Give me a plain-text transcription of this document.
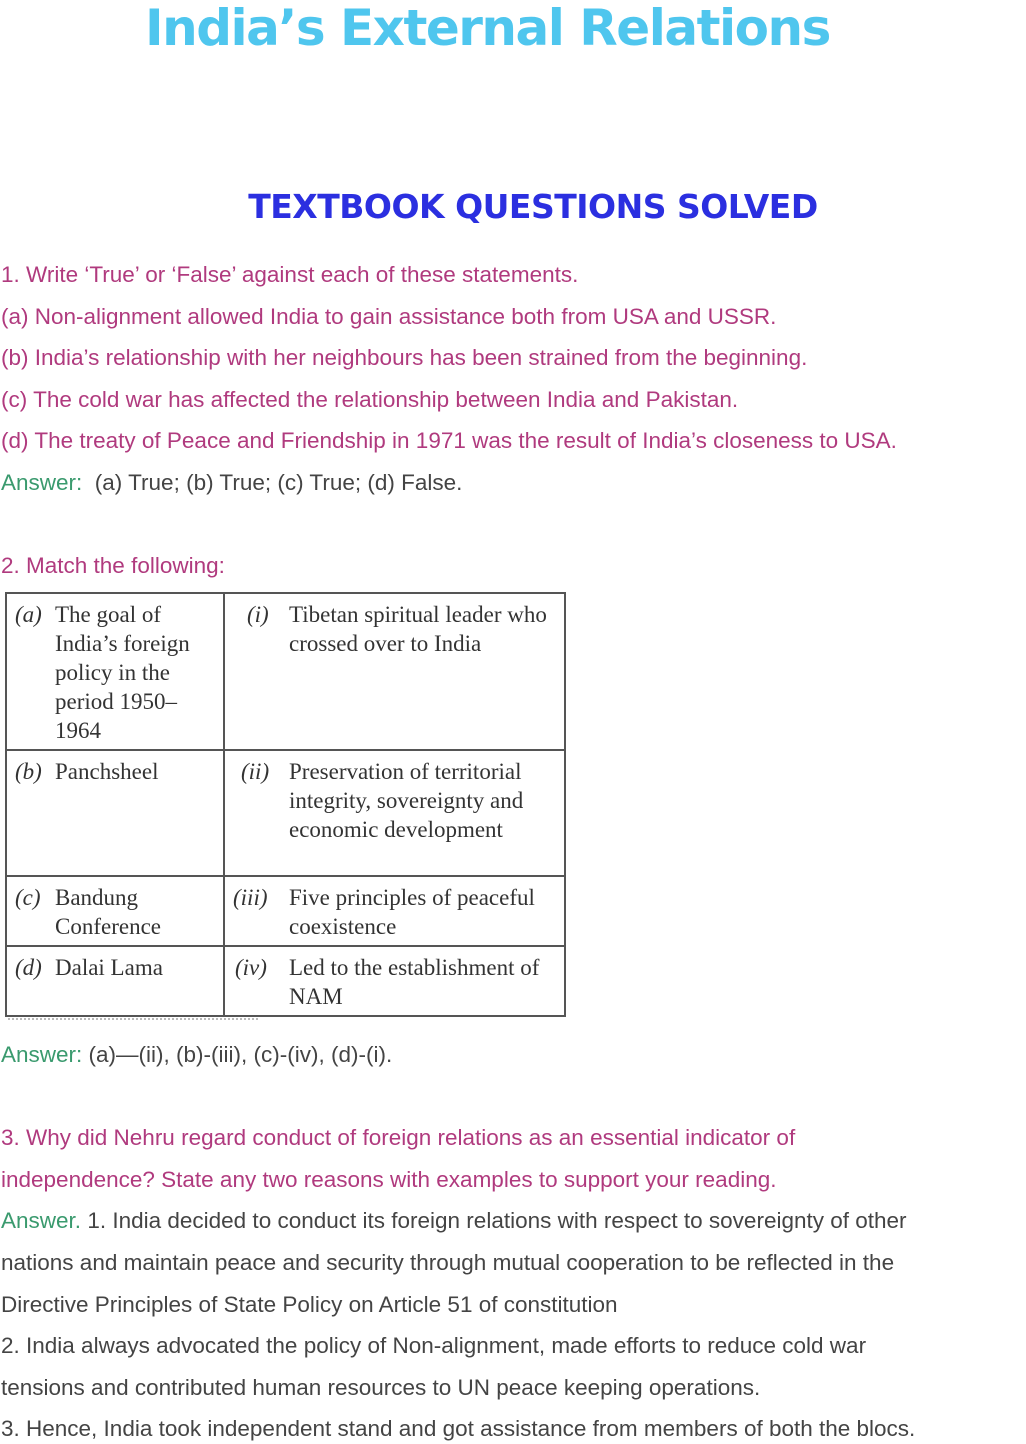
India’s External Relations
TEXTBOOK QUESTIONS SOLVED

1. Write ‘True’ or ‘False’ against each of these statements.

(a) Non-alignment allowed India to gain assistance both from USA and USSR.

(b) India’s relationship with her neighbours has been strained from the beginning.

(c) The cold war has affected the relationship between India and Pakistan.

(d) The treaty of Peace and Friendship in 1971 was the result of India’s closeness to USA.

Answer: (a) True; (b) True; (c) True; (d) False.

2. Match the following:

(a) The goal of India’s foreign policy in the period 1950–1964	(i) Tibetan spiritual leader who crossed over to India

(b) Panchsheel	(ii) Preservation of territorial integrity, sovereignty and economic development

(c) Bandung Conference	(iii) Five principles of peaceful coexistence

(d) Dalai Lama	(iv) Led to the establishment of NAM

Answer: (a)—(ii), (b)-(iii), (c)-(iv), (d)-(i).

3. Why did Nehru regard conduct of foreign relations as an essential indicator of

independence? State any two reasons with examples to support your reading.

Answer. 1. India decided to conduct its foreign relations with respect to sovereignty of other

nations and maintain peace and security through mutual cooperation to be reflected in the

Directive Principles of State Policy on Article 51 of constitution

2. India always advocated the policy of Non-alignment, made efforts to reduce cold war

tensions and contributed human resources to UN peace keeping operations.

3. Hence, India took independent stand and got assistance from members of both the blocs.
